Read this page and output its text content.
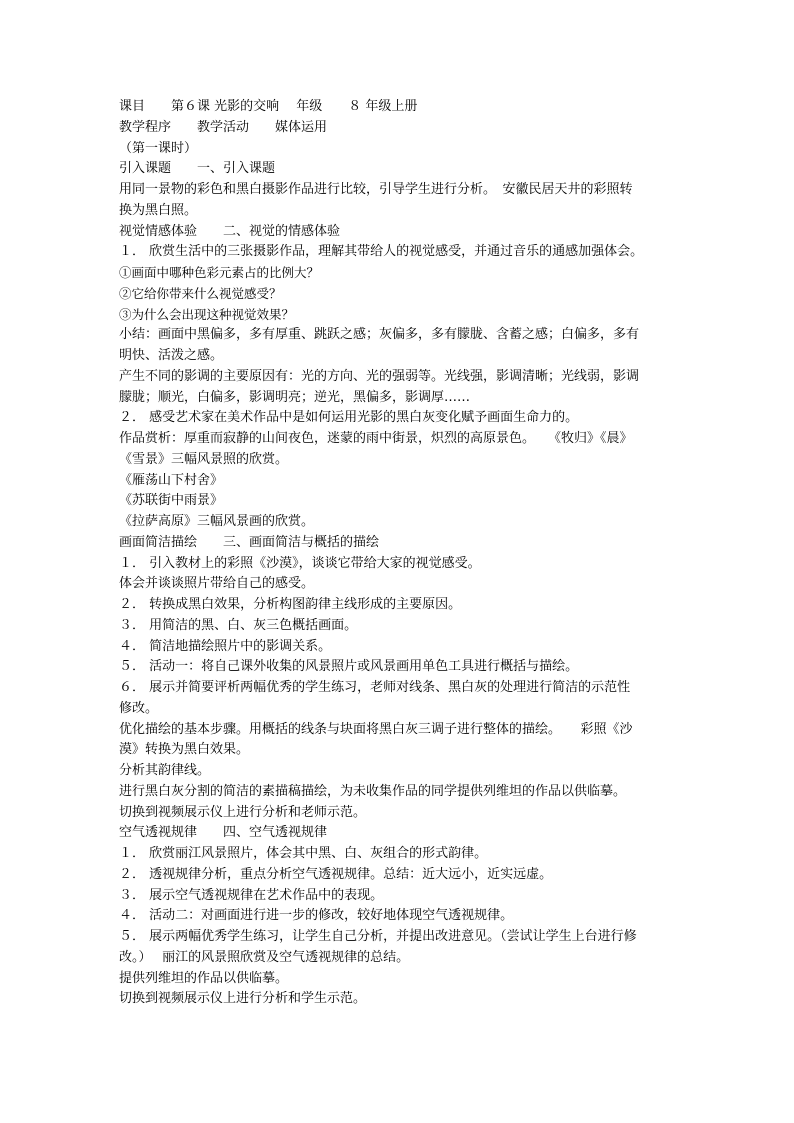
课目　　第６课 光影的交响　 年级　　８ 年级上册

教学程序　　教学活动　　媒体运用

（第一课时）

引入课题　　一、引入课题

用同一景物的彩色和黑白摄影作品进行比较，引导学生进行分析。　安徽民居天井的彩照转

换为黑白照。

视觉情感体验　　二、视觉的情感体验

１． 欣赏生活中的三张摄影作品，理解其带给人的视觉感受，并通过音乐的通感加强体会。

①画面中哪种色彩元素占的比例大？

②它给你带来什么视觉感受？

③为什么会出现这种视觉效果？

小结：画面中黑偏多，多有厚重、跳跃之感；灰偏多，多有朦胧、含蓄之感；白偏多，多有

明快、活泼之感。

产生不同的影调的主要原因有：光的方向、光的强弱等。光线强，影调清晰；光线弱，影调

朦胧；顺光，白偏多，影调明亮；逆光，黑偏多，影调厚……

２． 感受艺术家在美术作品中是如何运用光影的黑白灰变化赋予画面生命力的。

作品赏析：厚重而寂静的山间夜色，迷蒙的雨中街景，炽烈的高原景色。　　《牧归》《晨》

《雪景》三幅风景照的欣赏。

《雁荡山下村舍》

《苏联街中雨景》

《拉萨高原》三幅风景画的欣赏。

画面简洁描绘　　三、画面简洁与概括的描绘

１． 引入教材上的彩照《沙漠》，谈谈它带给大家的视觉感受。

体会并谈谈照片带给自己的感受。

２． 转换成黑白效果，分析构图韵律主线形成的主要原因。

３． 用简洁的黑、白、灰三色概括画面。

４． 简洁地描绘照片中的影调关系。

５． 活动一：将自己课外收集的风景照片或风景画用单色工具进行概括与描绘。

６． 展示并简要评析两幅优秀的学生练习，老师对线条、黑白灰的处理进行简洁的示范性

修改。

优化描绘的基本步骤。用概括的线条与块面将黑白灰三调子进行整体的描绘。　　彩照《沙

漠》转换为黑白效果。

分析其韵律线。

进行黑白灰分割的简洁的素描稿描绘，为未收集作品的同学提供列维坦的作品以供临摹。

切换到视频展示仪上进行分析和老师示范。

空气透视规律　　四、空气透视规律

１． 欣赏丽江风景照片，体会其中黑、白、灰组合的形式韵律。

２． 透视规律分析，重点分析空气透视规律。总结：近大远小，近实远虚。

３． 展示空气透视规律在艺术作品中的表现。

４． 活动二：对画面进行进一步的修改，较好地体现空气透视规律。

５． 展示两幅优秀学生练习，让学生自己分析，并提出改进意见。（尝试让学生上台进行修

改。）　 丽江的风景照欣赏及空气透视规律的总结。

提供列维坦的作品以供临摹。

切换到视频展示仪上进行分析和学生示范。
